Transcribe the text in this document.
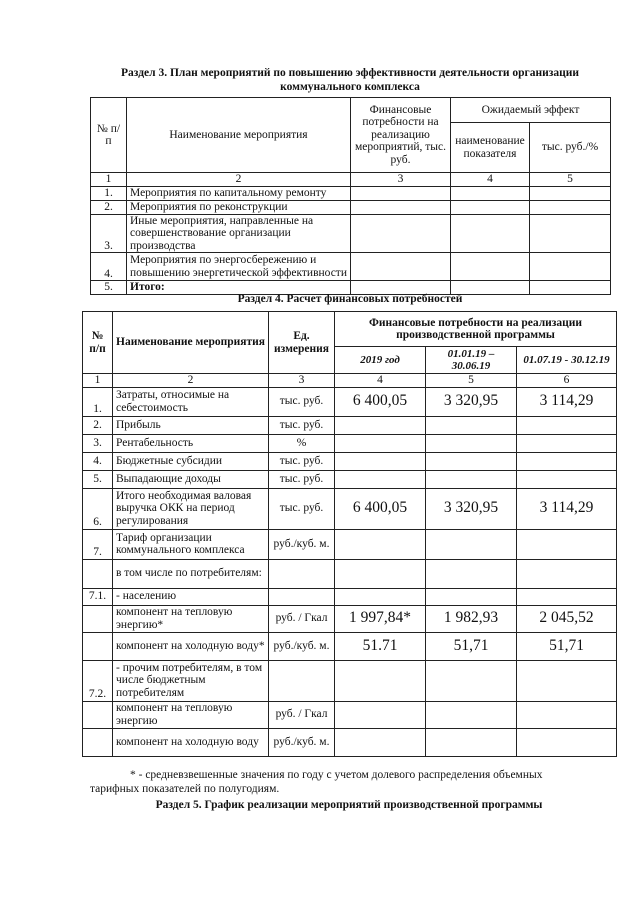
Раздел 3. План мероприятий по повышению эффективности деятельности организации
коммунального комплекса
№ п/п	Наименование мероприятия	Финансовые потребности на реализацию мероприятий, тыс. руб.	Ожидаемый эффект	
			наименование показателя	тыс. руб./%
1	2	3	4	5
1.	Мероприятия по капитальному ремонту			
2.	Мероприятия по реконструкции			
3.	Иные мероприятия, направленные на совершенствование организации производства			
4.	Мероприятия по энергосбережению и повышению энергетической эффективности			
5.	Итого:			
Раздел 4. Расчет финансовых потребностей
№ п/п	Наименование мероприятия	Ед. измерения	Финансовые потребности на реализации производственной программы		
			2019 год	01.01.19 – 30.06.19	01.07.19 - 30.12.19
1	2	3	4	5	6
1.	Затраты, относимые на себестоимость	тыс. руб.	6 400,05	3 320,95	3 114,29
2.	Прибыль	тыс. руб.			
3.	Рентабельность	%			
4.	Бюджетные субсидии	тыс. руб.			
5.	Выпадающие доходы	тыс. руб.			
6.	Итого необходимая валовая выручка ОКК на период регулирования	тыс. руб.	6 400,05	3 320,95	3 114,29
7.	Тариф организации коммунального комплекса	руб./куб. м.			
	в том числе по потребителям:				
7.1.	- населению				
	компонент на тепловую энергию*	руб. / Гкал	1 997,84*	1 982,93	2 045,52
	компонент на холодную воду*	руб./куб. м.	51.71	51,71	51,71
7.2.	- прочим потребителям, в том числе бюджетным потребителям				
	компонент на тепловую энергию	руб. / Гкал			
	компонент на холодную воду	руб./куб. м.			
* - средневзвешенные значения по году с учетом долевого распределения объемных
тарифных показателей по полугодиям.
Раздел 5. График реализации мероприятий производственной программы
